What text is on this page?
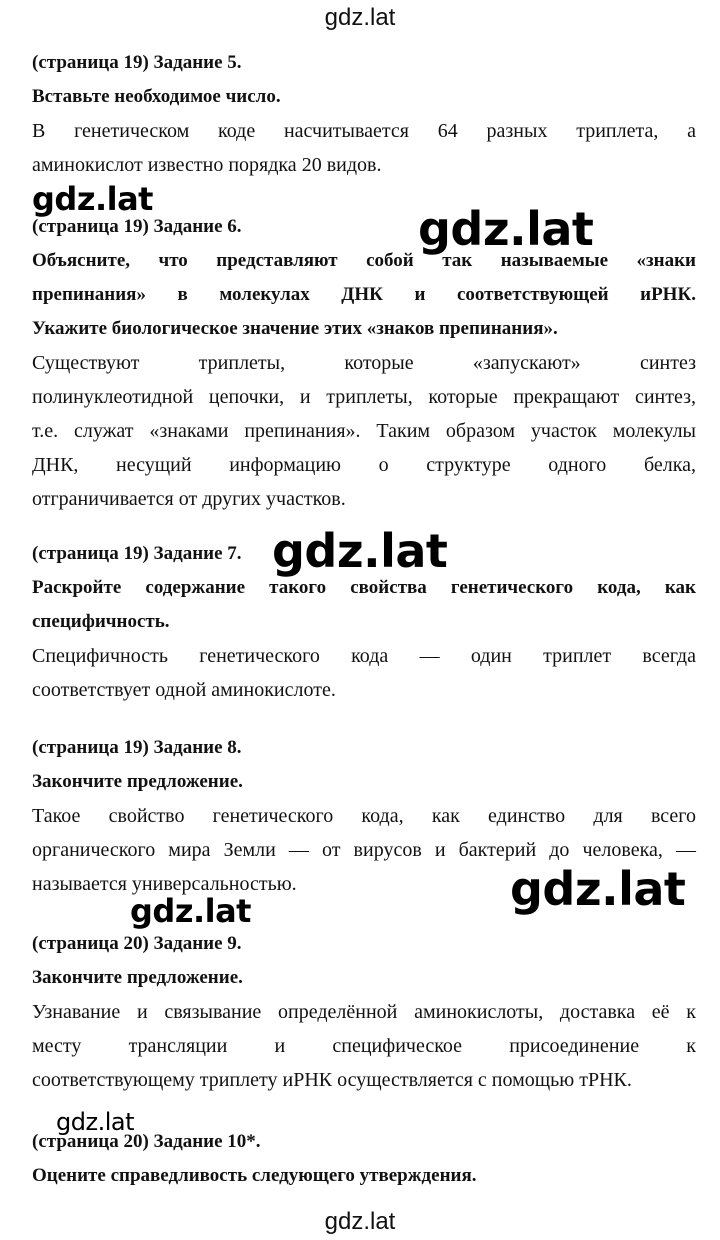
gdz.lat

(страница 19) Задание 5.

Вставьте необходимое число.

В генетическом коде насчитывается 64 разных триплета, а
аминокислот известно порядка 20 видов.

(страница 19) Задание 6.

Объясните, что представляют собой так называемые «знаки
препинания» в молекулах ДНК и соответствующей иРНК.
Укажите биологическое значение этих «знаков препинания».

Существуют триплеты, которые «запускают» синтез
полинуклеотидной цепочки, и триплеты, которые прекращают синтез,
т.е. служат «знаками препинания». Таким образом участок молекулы
ДНК, несущий информацию о структуре одного белка,
отграничивается от других участков.

(страница 19) Задание 7.

Раскройте содержание такого свойства генетического кода, как
специфичность.

Специфичность генетического кода — один триплет всегда
соответствует одной аминокислоте.

(страница 19) Задание 8.

Закончите предложение.

Такое свойство генетического кода, как единство для всего
органического мира Земли — от вирусов и бактерий до человека, —
называется универсальностью.

(страница 20) Задание 9.

Закончите предложение.

Узнавание и связывание определённой аминокислоты, доставка её к
месту трансляции и специфическое присоединение к
соответствующему триплету иРНК осуществляется с помощью тРНК.

(страница 20) Задание 10*.

Оцените справедливость следующего утверждения.

gdz.lat
gdz.lat
gdz.lat
gdz.lat
gdz.lat
gdz.lat
gdz.lat
